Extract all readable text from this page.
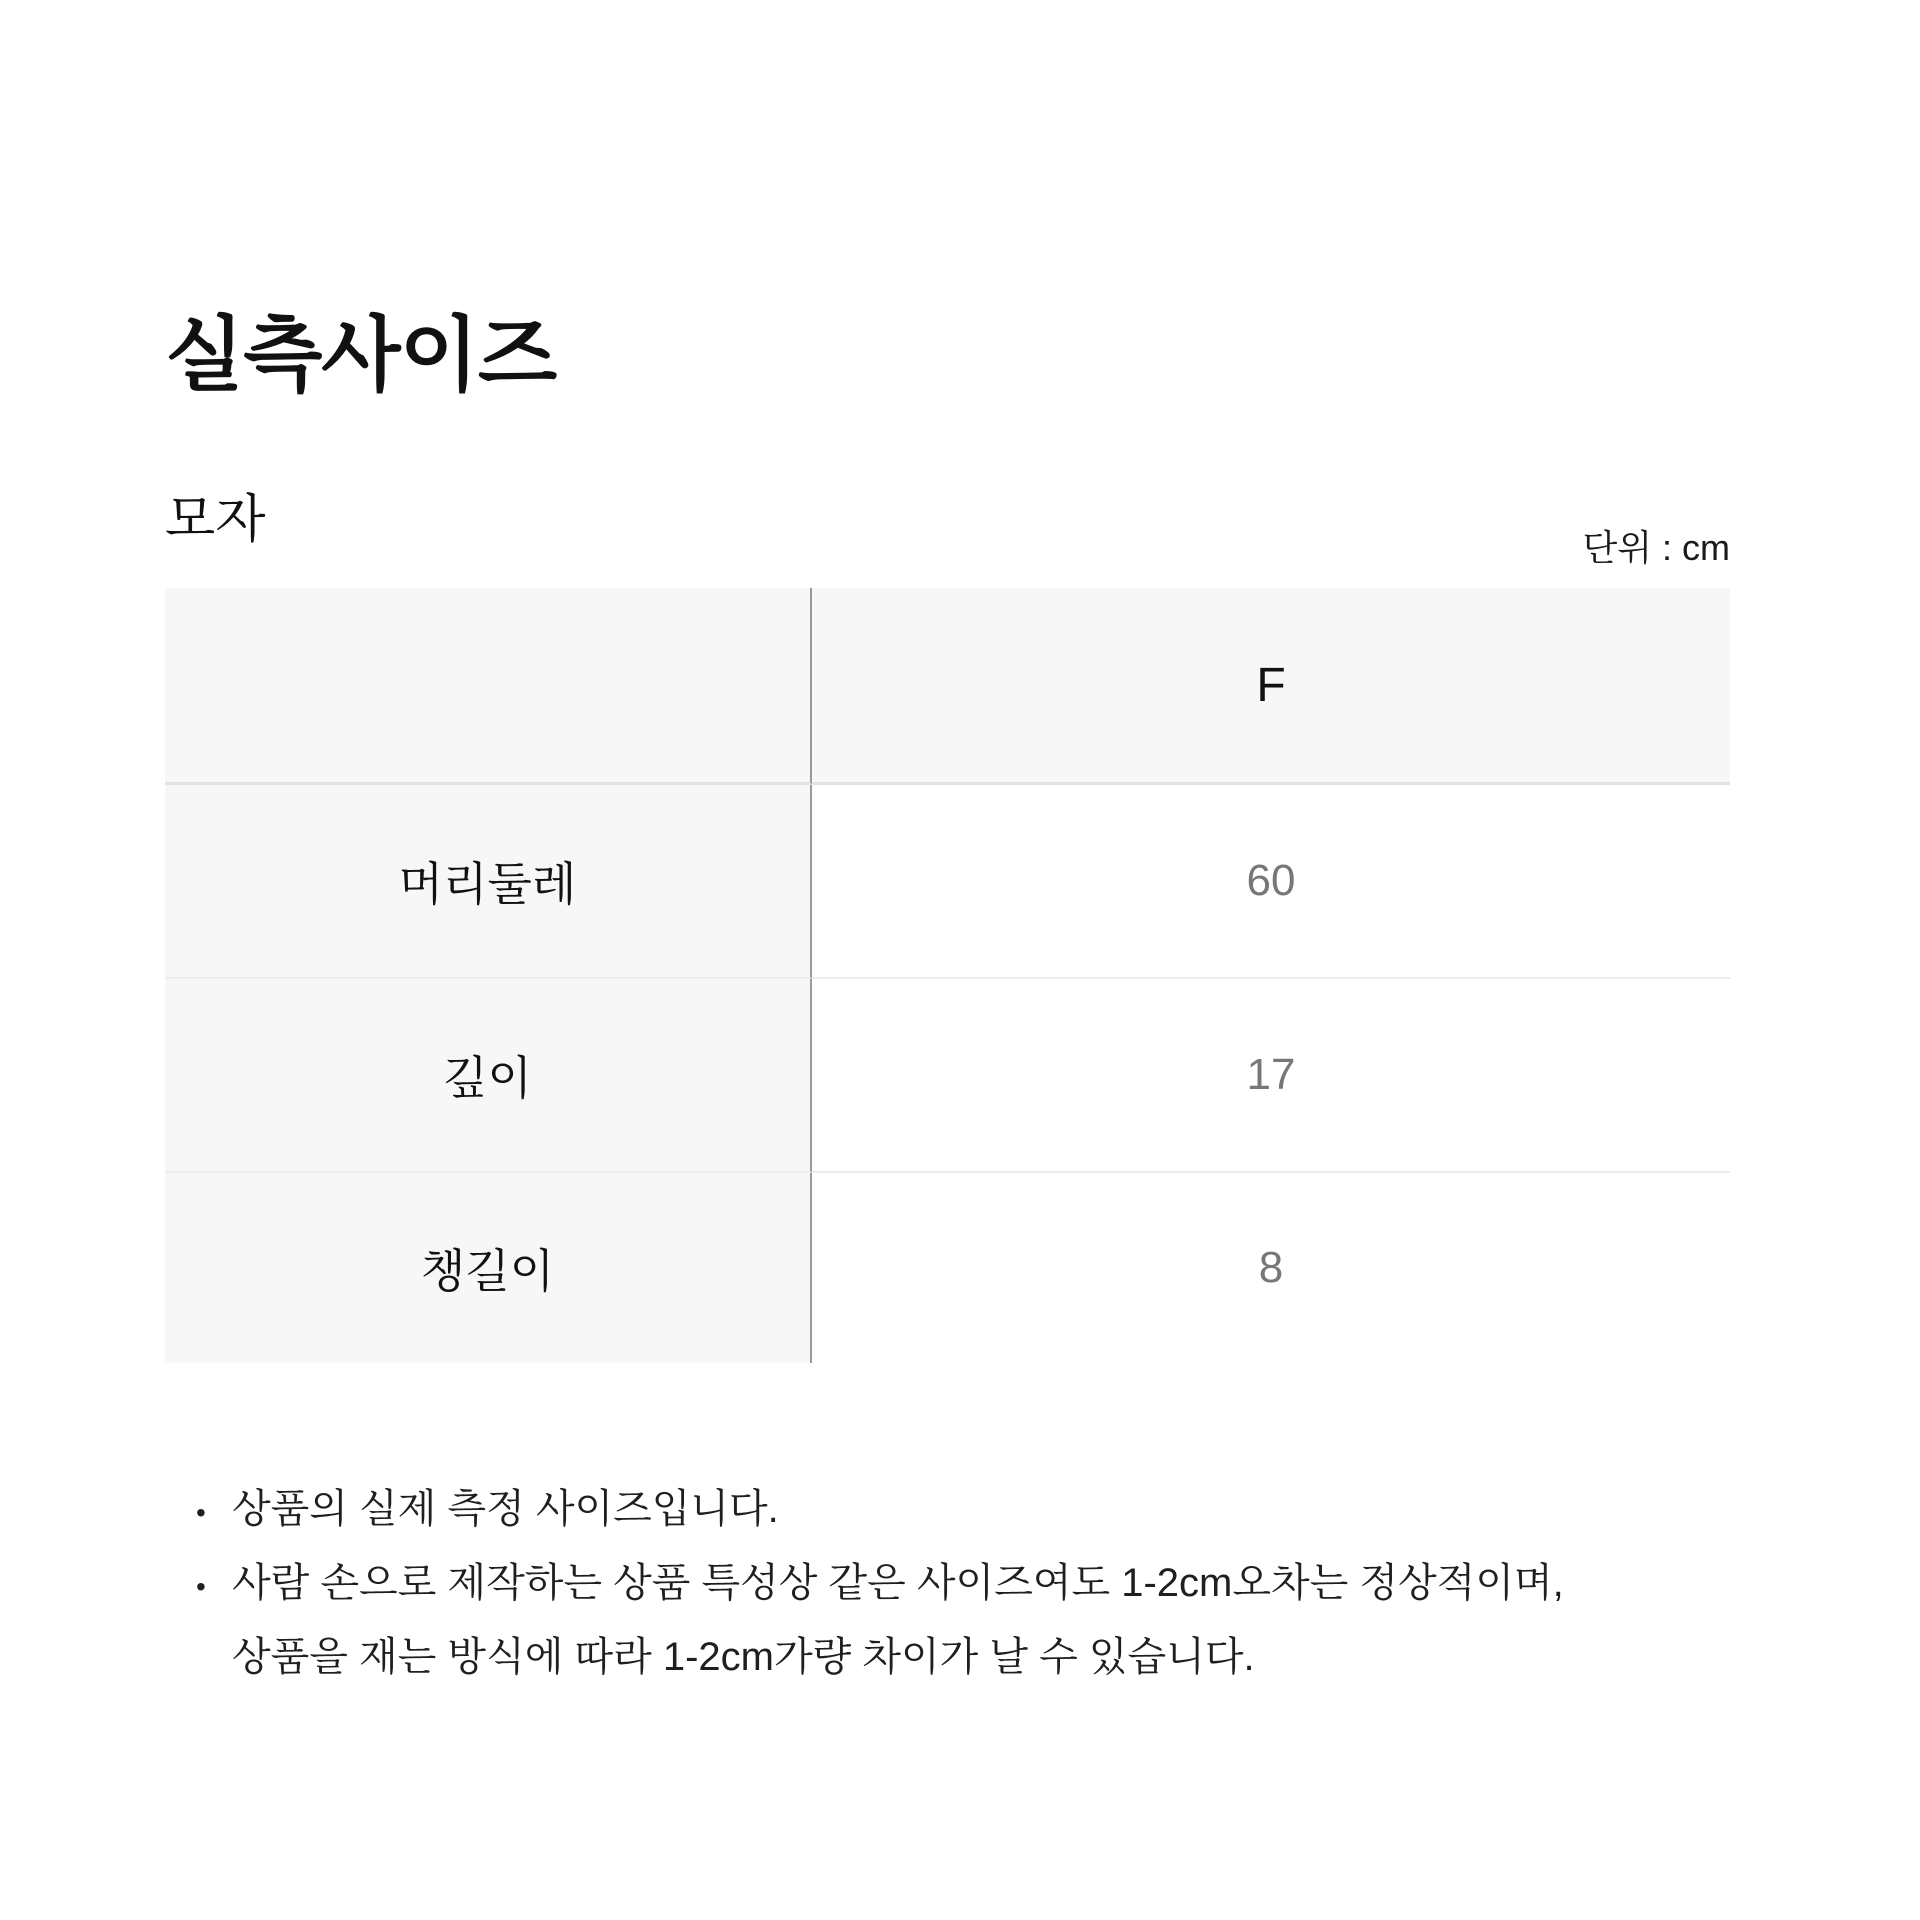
실측사이즈
모자	단위 : cm
F
머리둘레	60
깊이	17
챙길이	8
• 상품의 실제 측정 사이즈입니다.
• 사람 손으로 제작하는 상품 특성상 같은 사이즈여도 1-2cm오차는 정상적이며,
상품을 재는 방식에 따라 1-2cm가량 차이가 날 수 있습니다.
